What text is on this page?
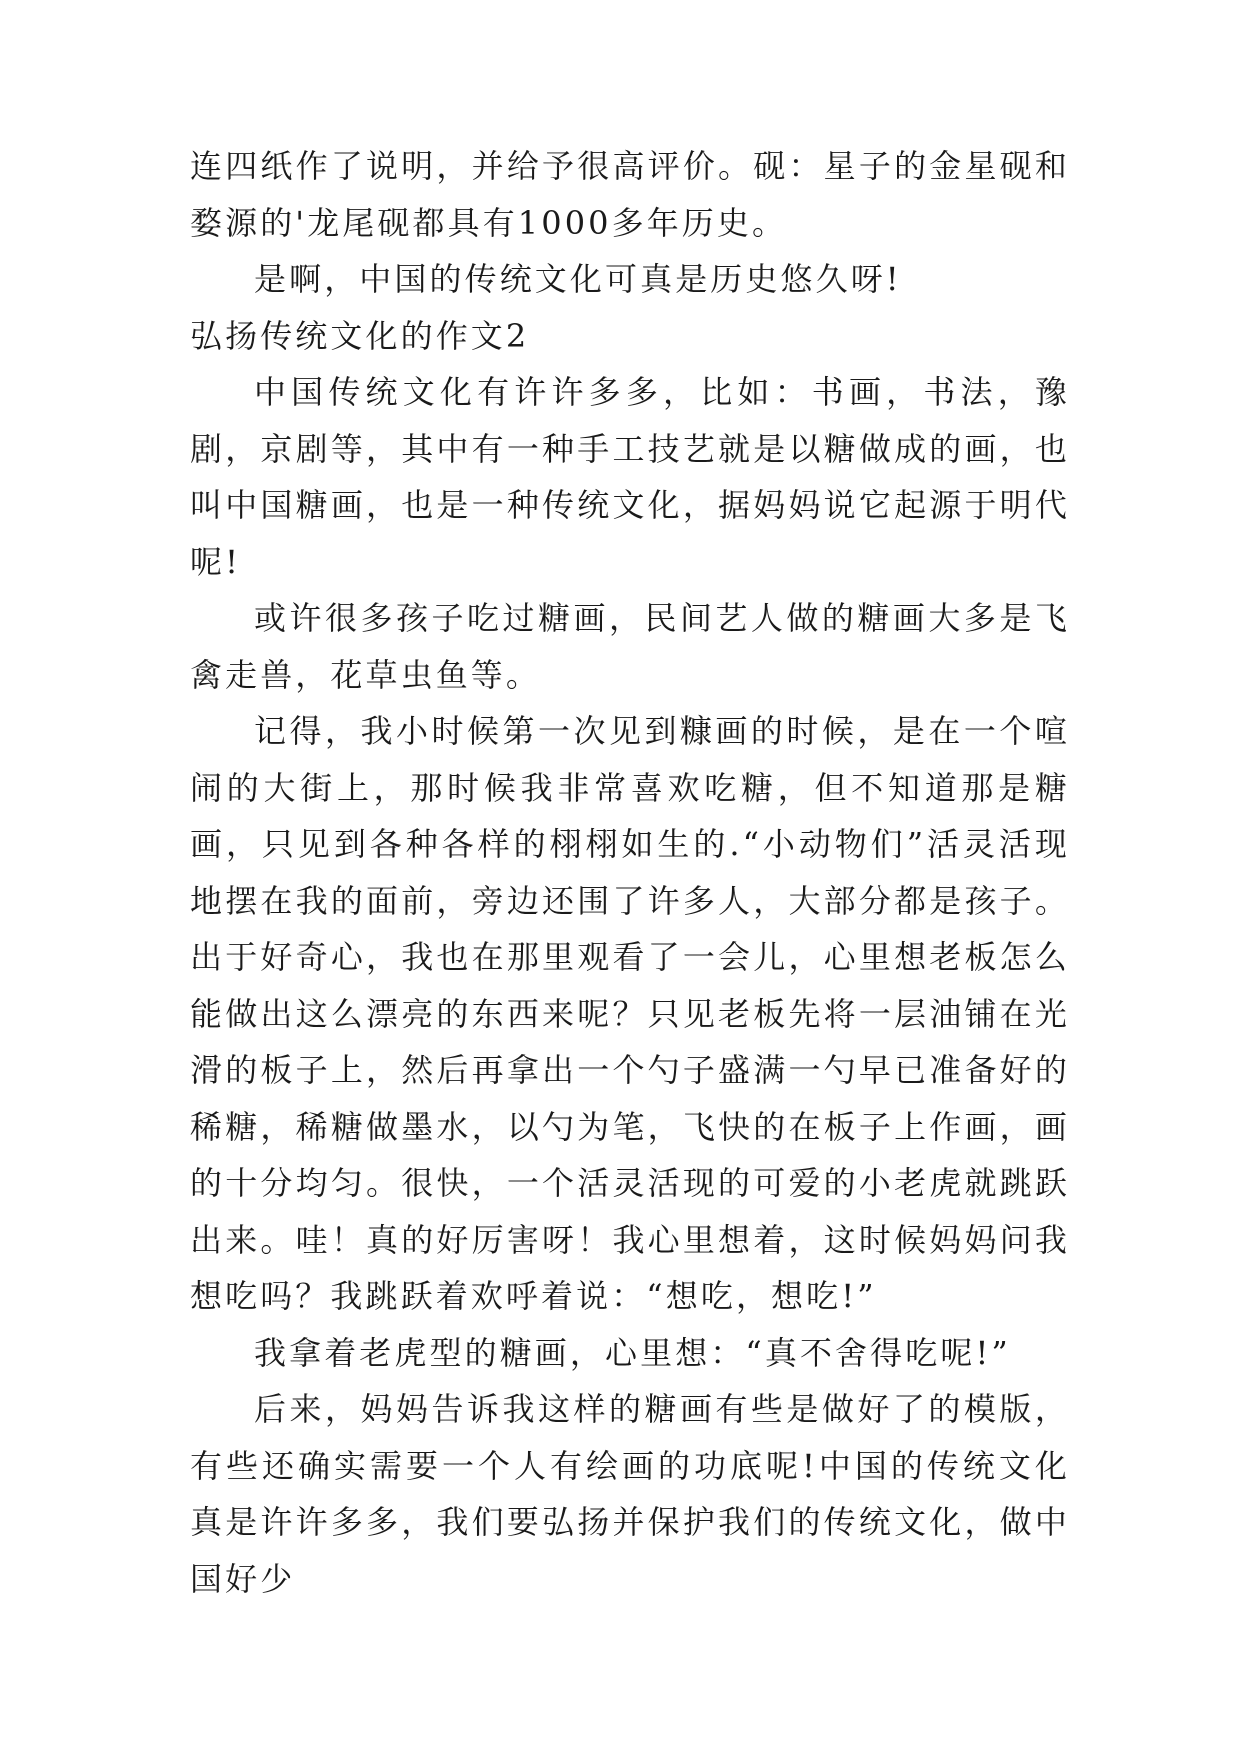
连四纸作了说明，并给予很高评价。砚：星子的金星砚和婺源的'龙尾砚都具有1000多年历史。

是啊，中国的传统文化可真是历史悠久呀!

弘扬传统文化的作文2

中国传统文化有许许多多，比如：书画，书法，豫剧，京剧等，其中有一种手工技艺就是以糖做成的画，也叫中国糖画，也是一种传统文化，据妈妈说它起源于明代呢!

或许很多孩子吃过糖画，民间艺人做的糖画大多是飞禽走兽，花草虫鱼等。

记得，我小时候第一次见到糠画的时候，是在一个喧闹的大街上，那时候我非常喜欢吃糖，但不知道那是糖画，只见到各种各样的栩栩如生的.“小动物们”活灵活现地摆在我的面前，旁边还围了许多人，大部分都是孩子。出于好奇心，我也在那里观看了一会儿，心里想老板怎么能做出这么漂亮的东西来呢？只见老板先将一层油铺在光滑的板子上，然后再拿出一个勺子盛满一勺早已准备好的稀糖，稀糖做墨水，以勺为笔，飞快的在板子上作画，画的十分均匀。很快，一个活灵活现的可爱的小老虎就跳跃出来。哇！真的好厉害呀！我心里想着，这时候妈妈问我想吃吗？我跳跃着欢呼着说：“想吃，想吃!”

我拿着老虎型的糖画，心里想：“真不舍得吃呢!”

后来，妈妈告诉我这样的糖画有些是做好了的模版，有些还确实需要一个人有绘画的功底呢!中国的传统文化真是许许多多，我们要弘扬并保护我们的传统文化，做中国好少
